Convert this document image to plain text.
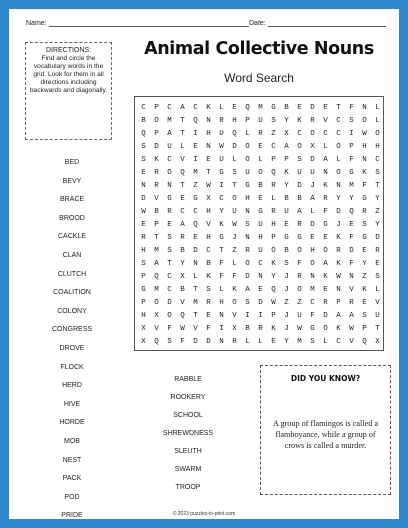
Name:	Date:
DIRECTIONS:
Find and circle the vocabulary words in the grid. Look for them in all directions including backwards and diagonally.
Animal Collective Nouns
Word Search
C	P	C	A	C	K	L	E	Q	M	G	B	E	D	E	T	F	N	L
B	O	M	T	Q	N	R	H	P	U	S	Y	K	R	V	C	S	O	L
Q	P	A	T	I	H	U	Q	L	R	Z	X	C	O	C	C	I	W	O
S	D	U	L	E	N	W	D	O	E	C	A	O	X	L	O	P	H	H
S	K	C	V	I	E	U	L	O	L	P	P	S	D	A	L	F	N	C
E	R	O	Q	M	T	G	S	U	O	Q	K	U	U	N	O	G	K	S
N	R	N	T	Z	W	I	T	G	B	R	Y	D	J	K	N	M	F	T
D	V	G	E	G	X	C	O	H	E	L	B	B	A	R	Y	Y	G	Y
W	B	R	C	C	H	Y	U	N	G	R	U	A	L	F	D	Q	R	Z
E	P	E	A	Q	V	K	W	S	U	H	E	R	D	G	J	E	S	Y
R	T	S	R	E	H	G	J	N	H	P	G	G	E	E	K	F	G	D
H	M	S	B	D	C	T	Z	R	U	O	B	O	H	O	R	D	E	R
S	A	T	Y	N	B	F	L	O	C	K	S	F	O	A	K	F	Y	E
P	Q	C	X	L	K	F	F	D	N	Y	J	R	N	K	W	N	Z	S
G	M	C	B	T	S	L	K	A	E	Q	J	O	M	E	N	V	K	L
P	O	D	V	M	R	H	O	S	D	W	Z	Z	C	R	P	R	E	V
H	X	O	Q	T	E	N	V	I	I	P	J	U	F	D	A	A	S	U
X	V	F	W	V	F	I	X	B	R	K	J	W	G	O	K	W	P	T
X	Q	S	F	D	D	N	R	L	L	E	Y	M	S	L	C	V	Q	X
BED
BEVY
BRACE
BROOD
CACKLE
CLAN
CLUTCH
COALITION
COLONY
CONGRESS
DROVE
FLOCK
HERD
HIVE
HORDE
MOB
NEST
PACK
POD
PRIDE
RABBLE
ROOKERY
SCHOOL
SHREWDNESS
SLEUTH
SWARM
TROOP
DID YOU KNOW?
A group of flamingos is called a flamboyance, while a group of crows is called a murder.
© 2023 puzzles-to-print.com
